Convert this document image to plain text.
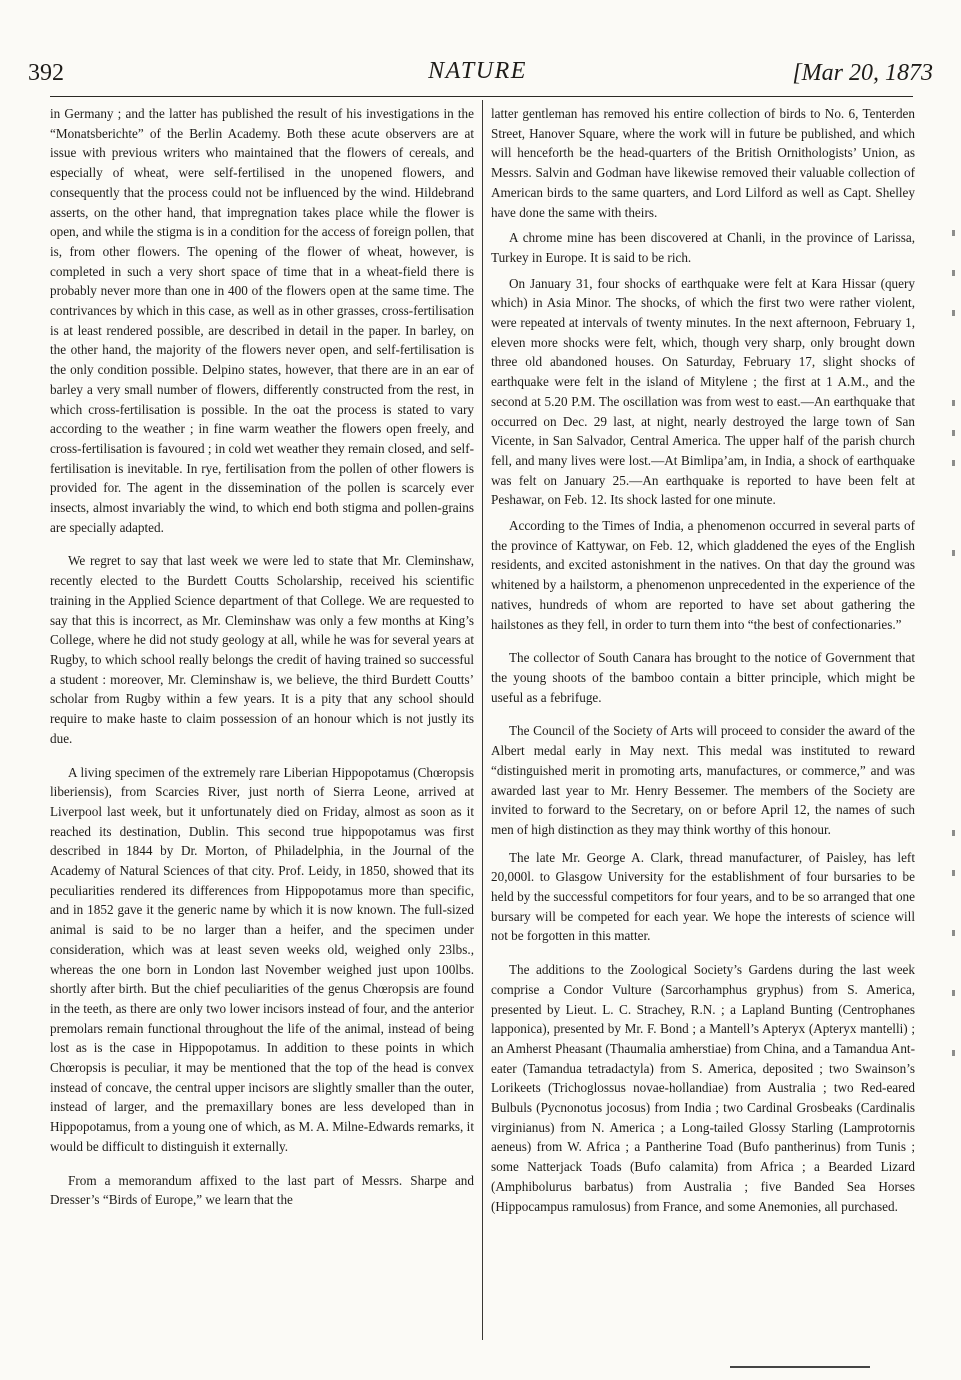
392	NATURE	[Mar 20, 1873

in Germany ; and the latter has published the result of his investigations in the “Monatsberichte” of the Berlin Academy. Both these acute observers are at issue with previous writers who maintained that the flowers of cereals, and especially of wheat, were self-fertilised in the unopened flowers, and consequently that the process could not be influenced by the wind. Hildebrand asserts, on the other hand, that impregnation takes place while the flower is open, and while the stigma is in a condition for the access of foreign pollen, that is, from other flowers. The opening of the flower of wheat, however, is completed in such a very short space of time that in a wheat-field there is probably never more than one in 400 of the flowers open at the same time. The contrivances by which in this case, as well as in other grasses, cross-fertilisation is at least rendered possible, are described in detail in the paper. In barley, on the other hand, the majority of the flowers never open, and self-fertilisation is the only condition possible. Delpino states, however, that there are in an ear of barley a very small number of flowers, differently constructed from the rest, in which cross-fertilisation is possible. In the oat the process is stated to vary according to the weather ; in fine warm weather the flowers open freely, and cross-fertilisation is favoured ; in cold wet weather they remain closed, and self-fertilisation is inevitable. In rye, fertilisation from the pollen of other flowers is provided for. The agent in the dissemination of the pollen is scarcely ever insects, almost invariably the wind, to which end both stigma and pollen-grains are specially adapted.

We regret to say that last week we were led to state that Mr. Cleminshaw, recently elected to the Burdett Coutts Scholarship, received his scientific training in the Applied Science department of that College. We are requested to say that this is incorrect, as Mr. Cleminshaw was only a few months at King’s College, where he did not study geology at all, while he was for several years at Rugby, to which school really belongs the credit of having trained so successful a student : moreover, Mr. Cleminshaw is, we believe, the third Burdett Coutts’ scholar from Rugby within a few years. It is a pity that any school should require to make haste to claim possession of an honour which is not justly its due.

A living specimen of the extremely rare Liberian Hippopotamus (Chœropsis liberiensis), from Scarcies River, just north of Sierra Leone, arrived at Liverpool last week, but it unfortunately died on Friday, almost as soon as it reached its destination, Dublin. This second true hippopotamus was first described in 1844 by Dr. Morton, of Philadelphia, in the Journal of the Academy of Natural Sciences of that city. Prof. Leidy, in 1850, showed that its peculiarities rendered its differences from Hippopotamus more than specific, and in 1852 gave it the generic name by which it is now known. The full-sized animal is said to be no larger than a heifer, and the specimen under consideration, which was at least seven weeks old, weighed only 23lbs., whereas the one born in London last November weighed just upon 100lbs. shortly after birth. But the chief peculiarities of the genus Chœropsis are found in the teeth, as there are only two lower incisors instead of four, and the anterior premolars remain functional throughout the life of the animal, instead of being lost as is the case in Hippopotamus. In addition to these points in which Chœropsis is peculiar, it may be mentioned that the top of the head is convex instead of concave, the central upper incisors are slightly smaller than the outer, instead of larger, and the premaxillary bones are less developed than in Hippopotamus, from a young one of which, as M. A. Milne-Edwards remarks, it would be difficult to distinguish it externally.

From a memorandum affixed to the last part of Messrs. Sharpe and Dresser’s “Birds of Europe,” we learn that the

latter gentleman has removed his entire collection of birds to No. 6, Tenterden Street, Hanover Square, where the work will in future be published, and which will henceforth be the head-quarters of the British Ornithologists’ Union, as Messrs. Salvin and Godman have likewise removed their valuable collection of American birds to the same quarters, and Lord Lilford as well as Capt. Shelley have done the same with theirs.

A chrome mine has been discovered at Chanli, in the province of Larissa, Turkey in Europe. It is said to be rich.

On January 31, four shocks of earthquake were felt at Kara Hissar (query which) in Asia Minor. The shocks, of which the first two were rather violent, were repeated at intervals of twenty minutes. In the next afternoon, February 1, eleven more shocks were felt, which, though very sharp, only brought down three old abandoned houses. On Saturday, February 17, slight shocks of earthquake were felt in the island of Mitylene ; the first at 1 A.M., and the second at 5.20 P.M. The oscillation was from west to east.—An earthquake that occurred on Dec. 29 last, at night, nearly destroyed the large town of San Vicente, in San Salvador, Central America. The upper half of the parish church fell, and many lives were lost.—At Bimlipa’am, in India, a shock of earthquake was felt on January 25.—An earthquake is reported to have been felt at Peshawar, on Feb. 12. Its shock lasted for one minute.

According to the Times of India, a phenomenon occurred in several parts of the province of Kattywar, on Feb. 12, which gladdened the eyes of the English residents, and excited astonishment in the natives. On that day the ground was whitened by a hailstorm, a phenomenon unprecedented in the experience of the natives, hundreds of whom are reported to have set about gathering the hailstones as they fell, in order to turn them into “the best of confectionaries.”

The collector of South Canara has brought to the notice of Government that the young shoots of the bamboo contain a bitter principle, which might be useful as a febrifuge.

The Council of the Society of Arts will proceed to consider the award of the Albert medal early in May next. This medal was instituted to reward “distinguished merit in promoting arts, manufactures, or commerce,” and was awarded last year to Mr. Henry Bessemer. The members of the Society are invited to forward to the Secretary, on or before April 12, the names of such men of high distinction as they may think worthy of this honour.

The late Mr. George A. Clark, thread manufacturer, of Paisley, has left 20,000l. to Glasgow University for the establishment of four bursaries to be held by the successful competitors for four years, and to be so arranged that one bursary will be competed for each year. We hope the interests of science will not be forgotten in this matter.

The additions to the Zoological Society’s Gardens during the last week comprise a Condor Vulture (Sarcorhamphus gryphus) from S. America, presented by Lieut. L. C. Strachey, R.N. ; a Lapland Bunting (Centrophanes lapponica), presented by Mr. F. Bond ; a Mantell’s Apteryx (Apteryx mantelli) ; an Amherst Pheasant (Thaumalia amherstiae) from China, and a Tamandua Ant-eater (Tamandua tetradactyla) from S. America, deposited ; two Swainson’s Lorikeets (Trichoglossus novae-hollandiae) from Australia ; two Red-eared Bulbuls (Pycnonotus jocosus) from India ; two Cardinal Grosbeaks (Cardinalis virginianus) from N. America ; a Long-tailed Glossy Starling (Lamprotornis aeneus) from W. Africa ; a Pantherine Toad (Bufo pantherinus) from Tunis ; some Natterjack Toads (Bufo calamita) from Africa ; a Bearded Lizard (Amphibolurus barbatus) from Australia ; five Banded Sea Horses (Hippocampus ramulosus) from France, and some Anemonies, all purchased.
